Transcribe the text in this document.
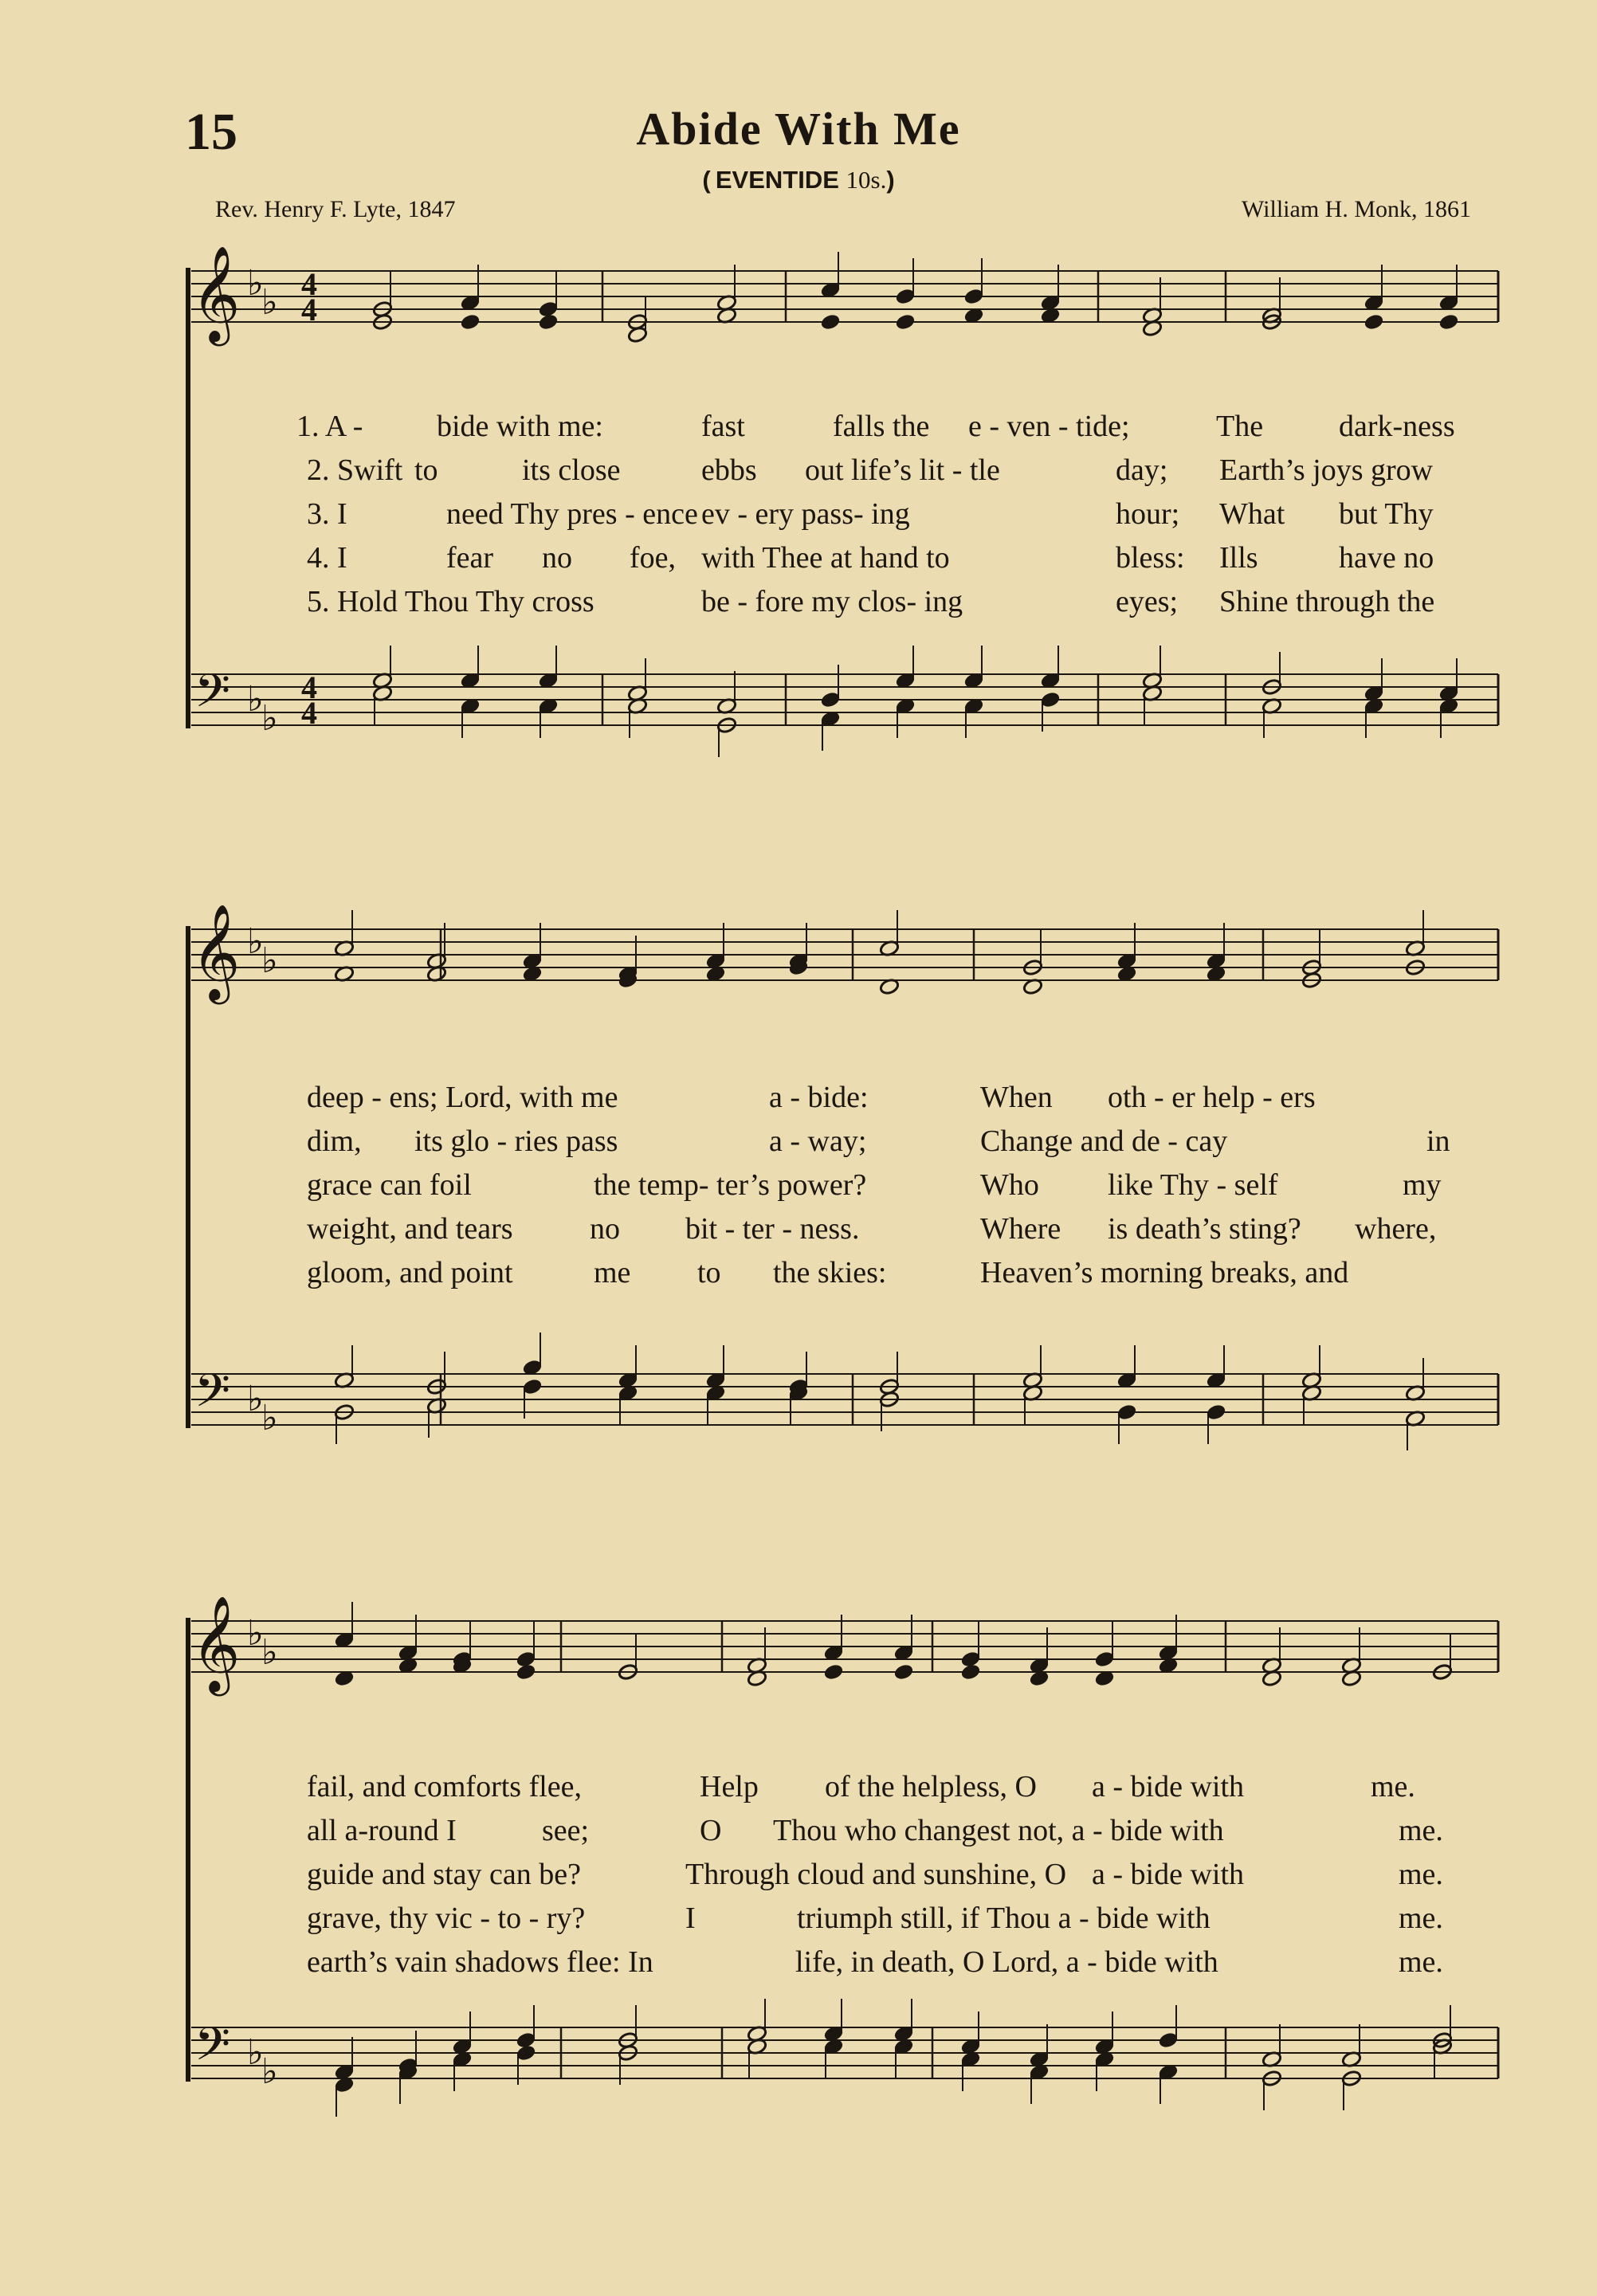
15	Abide With Me
( EVENTIDE 10s.)
Rev. Henry F. Lyte, 1847	William H. Monk, 1861
𝄞
𝄢
♭
♭
♭
♭
4
4
4
4
1. A - bide with me:	fast	falls the e - ven - tide;	The dark-ness
2. Swift to	its close	ebbs out life’s lit - tle	day; Earth’s joys grow
3. I	need Thy pres - ence ev - ery pass- ing	hour; What but Thy
4. I	fear no foe, with Thee at hand to	bless: Ills	have no
5. Hold Thou Thy cross	be - fore my clos- ing	eyes; Shine through the
𝄞
𝄢
♭
♭
♭
♭
deep - ens; Lord, with me	a - bide:	When oth - er help - ers
dim, its glo - ries pass	a - way;	Change and de - cay	in
grace can foil	the temp- ter’s power?	Who like Thy - self	my
weight, and tears	no bit - ter - ness.	Where is death’s sting? where,
gloom, and point	me to the skies:	Heaven’s morning breaks, and
𝄞
𝄢
♭
♭
♭
♭
fail, and comforts flee,	Help of the helpless, O a - bide with	me.
all a-round I	see;	O Thou who changest not, a - bide with	me.
guide and stay can be?	Through cloud and sunshine, O a - bide with	me.
grave, thy vic - to - ry?	I	triumph still, if Thou a - bide with	me.
earth’s vain shadows flee: In	life, in death, O Lord, a - bide with	me.
